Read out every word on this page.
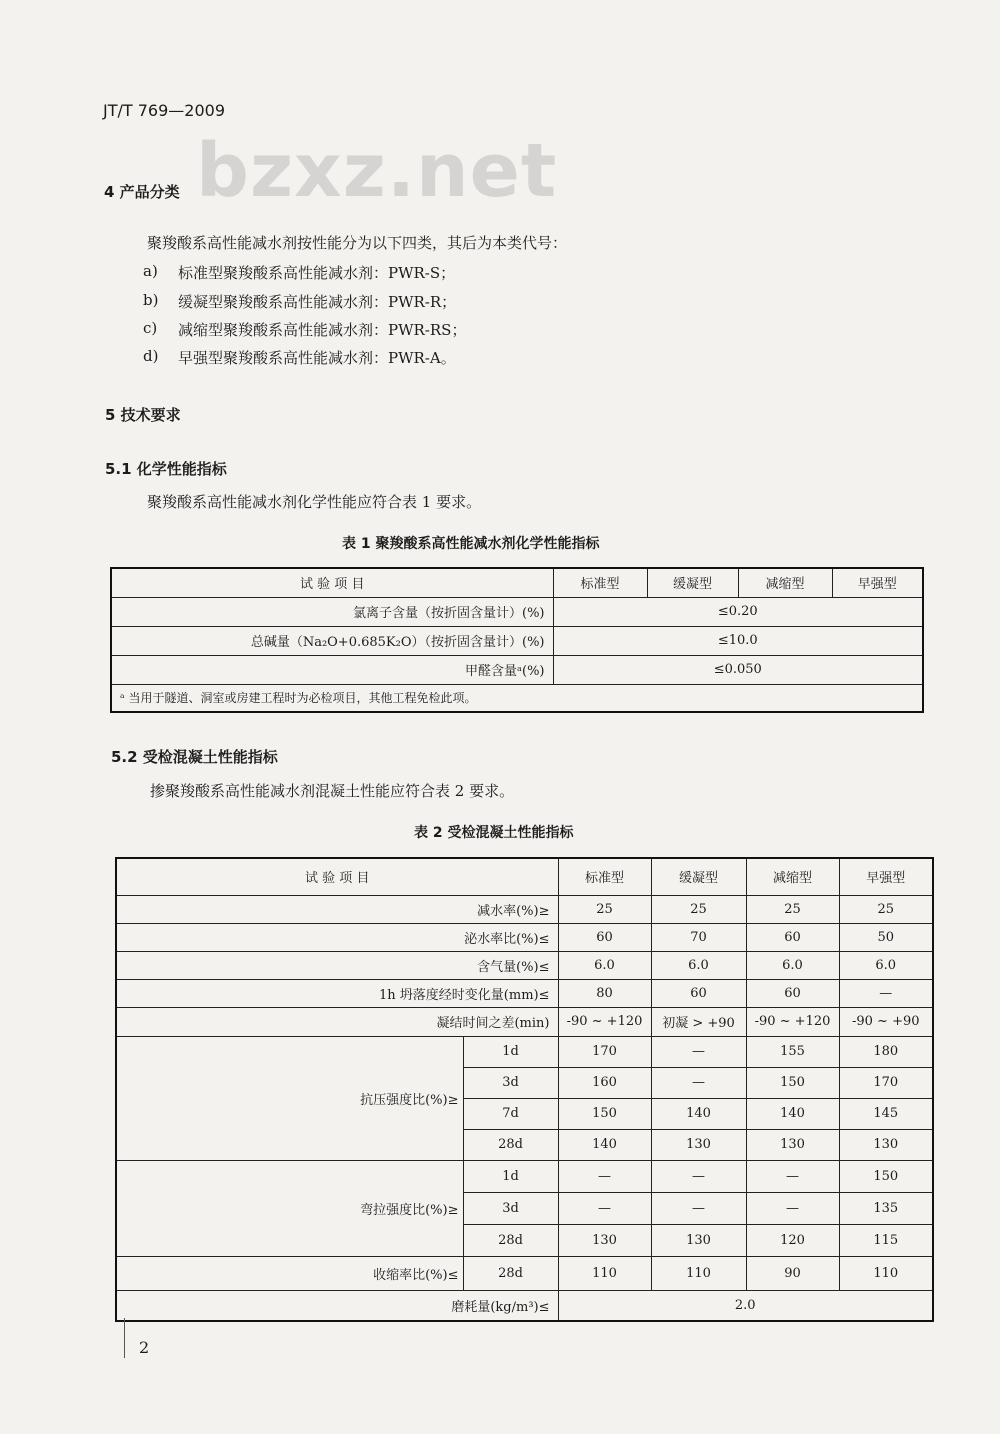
JT/T 769—2009
bzxz.net
4 产品分类
聚羧酸系高性能减水剂按性能分为以下四类，其后为本类代号：
a) 标准型聚羧酸系高性能减水剂：PWR-S；
b) 缓凝型聚羧酸系高性能减水剂：PWR-R；
c) 减缩型聚羧酸系高性能减水剂：PWR-RS；
d) 早强型聚羧酸系高性能减水剂：PWR-A。
5 技术要求
5.1 化学性能指标
聚羧酸系高性能减水剂化学性能应符合表 1 要求。
表 1 聚羧酸系高性能减水剂化学性能指标
试 验 项 目	标准型	缓凝型	减缩型	早强型
氯离子含量（按折固含量计）(%)	≤0.20			
总碱量（Na₂O+0.685K₂O）（按折固含量计）(%)	≤10.0			
甲醛含量ᵃ(%)	≤0.050			
ᵃ 当用于隧道、洞室或房建工程时为必检项目，其他工程免检此项。				
5.2 受检混凝土性能指标
掺聚羧酸系高性能减水剂混凝土性能应符合表 2 要求。
表 2 受检混凝土性能指标
试 验 项 目		标准型	缓凝型	减缩型	早强型
减水率(%)≥		25	25	25	25
泌水率比(%)≤		60	70	60	50
含气量(%)≤		6.0	6.0	6.0	6.0
1h 坍落度经时变化量(mm)≤		80	60	60	—
凝结时间之差(min)		-90 ~ +120	初凝 > +90	-90 ~ +120	-90 ~ +90
抗压强度比(%)≥	1d	170	—	155	180
	3d	160	—	150	170
	7d	150	140	140	145
	28d	140	130	130	130
弯拉强度比(%)≥	1d	—	—	—	150
	3d	—	—	—	135
	28d	130	130	120	115
收缩率比(%)≤	28d	110	110	90	110
磨耗量(kg/m³)≤		2.0			
2
